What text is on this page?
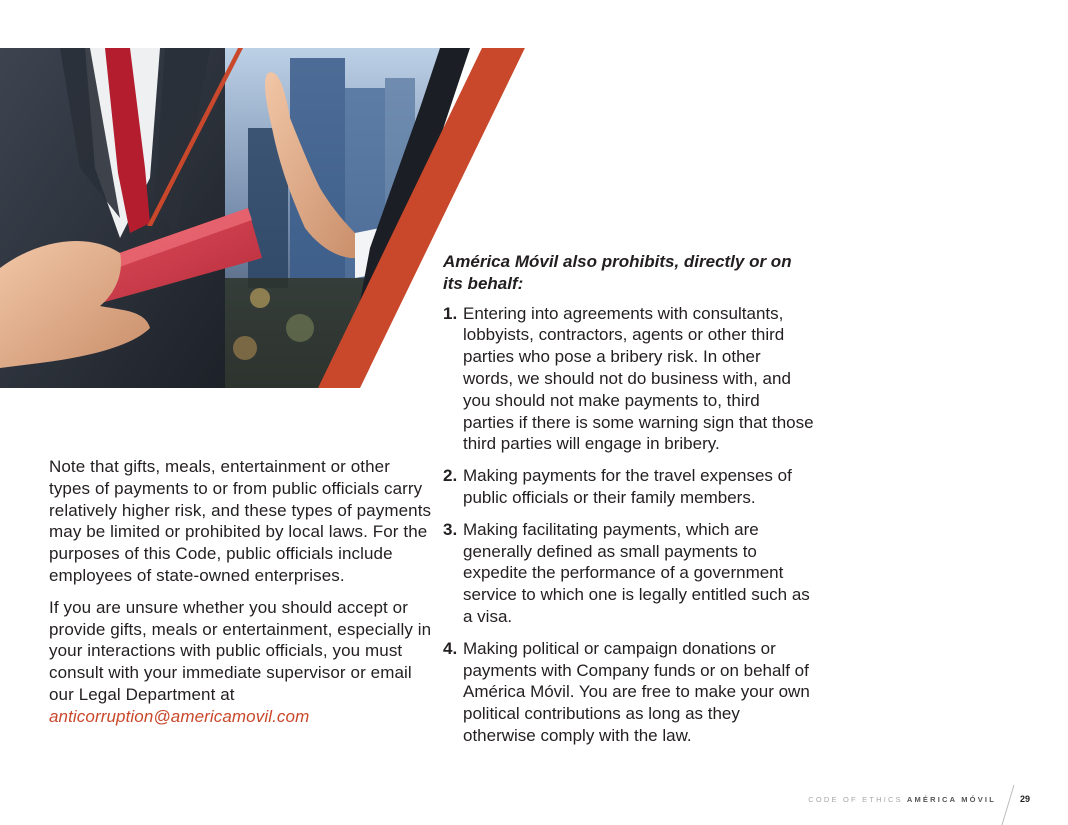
Note that gifts, meals, entertainment or other types of payments to or from public officials carry relatively higher risk, and these types of payments may be limited or prohibited by local laws. For the purposes of this Code, public officials include employees of state-owned enterprises.

If you are unsure whether you should accept or provide gifts, meals or entertainment, especially in your interactions with public officials, you must consult with your immediate supervisor or email our Legal Department at
anticorruption@americamovil.com

América Móvil also prohibits, directly or on its behalf:

1. Entering into agreements with consultants, lobbyists, contractors, agents or other third parties who pose a bribery risk. In other words, we should not do business with, and you should not make payments to, third parties if there is some warning sign that those third parties will engage in bribery.
2. Making payments for the travel expenses of public officials or their family members.
3. Making facilitating payments, which are generally defined as small payments to expedite the performance of a government service to which one is legally entitled such as a visa.
4. Making political or campaign donations or payments with Company funds or on behalf of América Móvil. You are free to make your own political contributions as long as they otherwise comply with the law.
CODE OF ETHICS AMÉRICA MÓVIL	29
